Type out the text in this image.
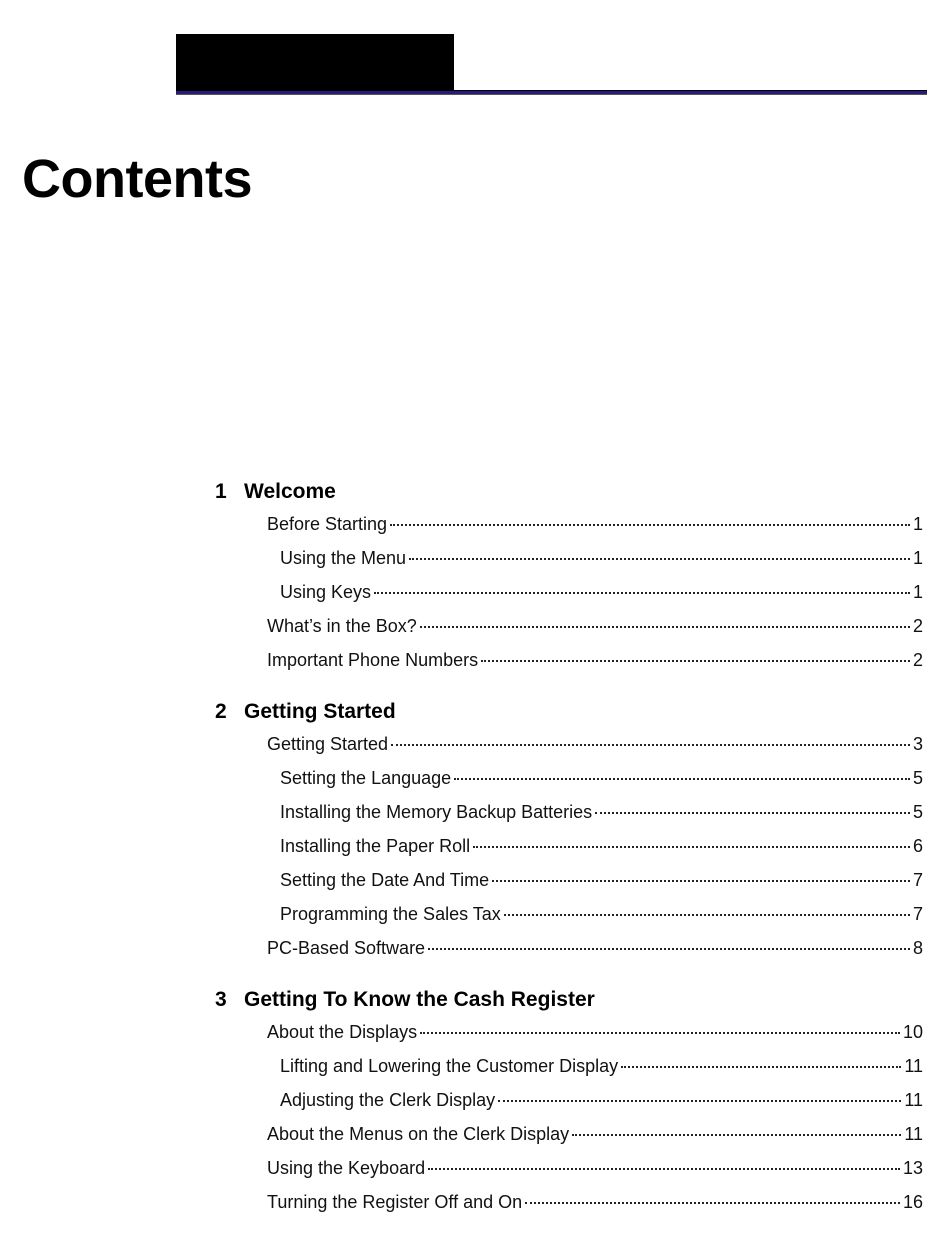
Contents
1 Welcome
Before Starting	1
Using the Menu	1
Using Keys	1
What’s in the Box?	2
Important Phone Numbers	2
2 Getting Started
Getting Started	3
Setting the Language	5
Installing the Memory Backup Batteries	5
Installing the Paper Roll	6
Setting the Date And Time	7
Programming the Sales Tax	7
PC-Based Software	8
3 Getting To Know the Cash Register
About the Displays	10
Lifting and Lowering the Customer Display	11
Adjusting the Clerk Display	11
About the Menus on the Clerk Display	11
Using the Keyboard	13
Turning the Register Off and On	16
